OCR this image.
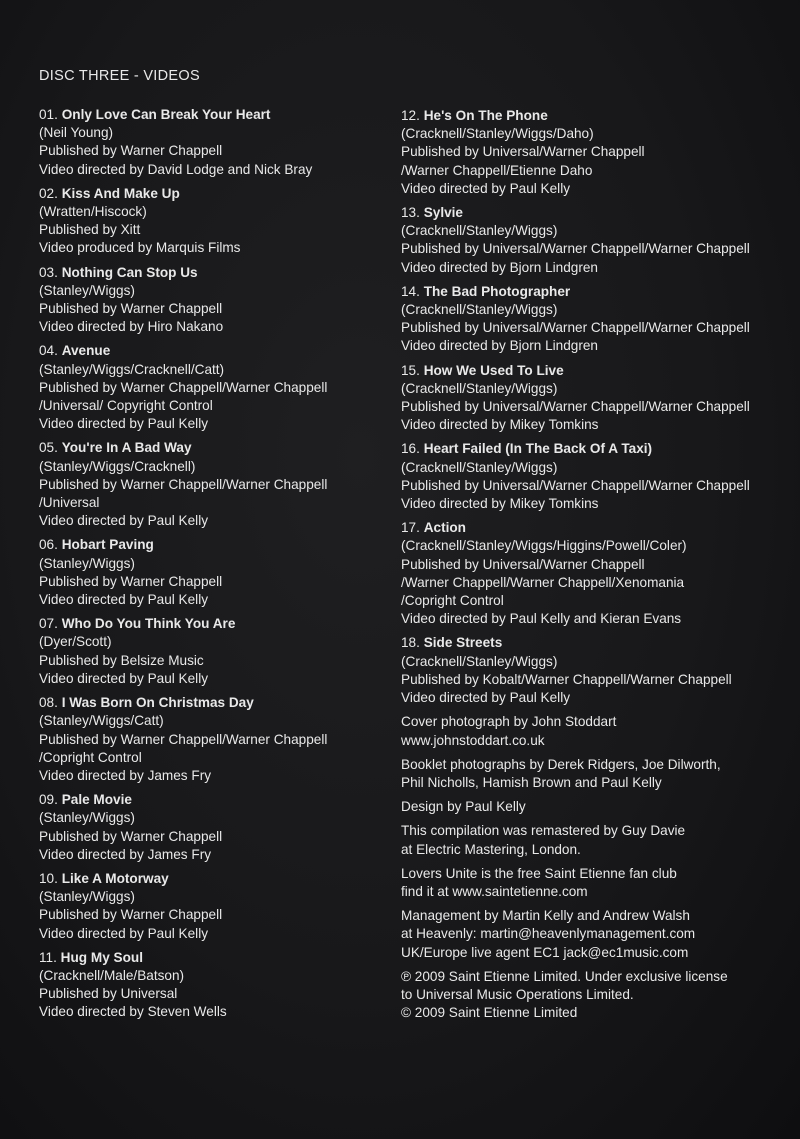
DISC THREE - VIDEOS
01. Only Love Can Break Your Heart
(Neil Young)
Published by Warner Chappell
Video directed by David Lodge and Nick Bray
02. Kiss And Make Up
(Wratten/Hiscock)
Published by Xitt
Video produced by Marquis Films
03. Nothing Can Stop Us
(Stanley/Wiggs)
Published by Warner Chappell
Video directed by Hiro Nakano
04. Avenue
(Stanley/Wiggs/Cracknell/Catt)
Published by Warner Chappell/Warner Chappell
/Universal/ Copyright Control
Video directed by Paul Kelly
05. You're In A Bad Way
(Stanley/Wiggs/Cracknell)
Published by Warner Chappell/Warner Chappell
/Universal
Video directed by Paul Kelly
06. Hobart Paving
(Stanley/Wiggs)
Published by Warner Chappell
Video directed by Paul Kelly
07. Who Do You Think You Are
(Dyer/Scott)
Published by Belsize Music
Video directed by Paul Kelly
08. I Was Born On Christmas Day
(Stanley/Wiggs/Catt)
Published by Warner Chappell/Warner Chappell
/Copright Control
Video directed by James Fry
09. Pale Movie
(Stanley/Wiggs)
Published by Warner Chappell
Video directed by James Fry
10. Like A Motorway
(Stanley/Wiggs)
Published by Warner Chappell
Video directed by Paul Kelly
11. Hug My Soul
(Cracknell/Male/Batson)
Published by Universal
Video directed by Steven Wells
12. He's On The Phone
(Cracknell/Stanley/Wiggs/Daho)
Published by Universal/Warner Chappell
/Warner Chappell/Etienne Daho
Video directed by Paul Kelly
13. Sylvie
(Cracknell/Stanley/Wiggs)
Published by Universal/Warner Chappell/Warner Chappell
Video directed by Bjorn Lindgren
14. The Bad Photographer
(Cracknell/Stanley/Wiggs)
Published by Universal/Warner Chappell/Warner Chappell
Video directed by Bjorn Lindgren
15. How We Used To Live
(Cracknell/Stanley/Wiggs)
Published by Universal/Warner Chappell/Warner Chappell
Video directed by Mikey Tomkins
16. Heart Failed (In The Back Of A Taxi)
(Cracknell/Stanley/Wiggs)
Published by Universal/Warner Chappell/Warner Chappell
Video directed by Mikey Tomkins
17. Action
(Cracknell/Stanley/Wiggs/Higgins/Powell/Coler)
Published by Universal/Warner Chappell
/Warner Chappell/Warner Chappell/Xenomania
/Copright Control
Video directed by Paul Kelly and Kieran Evans
18. Side Streets
(Cracknell/Stanley/Wiggs)
Published by Kobalt/Warner Chappell/Warner Chappell
Video directed by Paul Kelly
Cover photograph by John Stoddart
www.johnstoddart.co.uk
Booklet photographs by Derek Ridgers, Joe Dilworth,
Phil Nicholls, Hamish Brown and Paul Kelly
Design by Paul Kelly
This compilation was remastered by Guy Davie
at Electric Mastering, London.
Lovers Unite is the free Saint Etienne fan club
find it at www.saintetienne.com
Management by Martin Kelly and Andrew Walsh
at Heavenly: martin@heavenlymanagement.com
UK/Europe live agent EC1 jack@ec1music.com
℗ 2009 Saint Etienne Limited. Under exclusive license
to Universal Music Operations Limited.
© 2009 Saint Etienne Limited
